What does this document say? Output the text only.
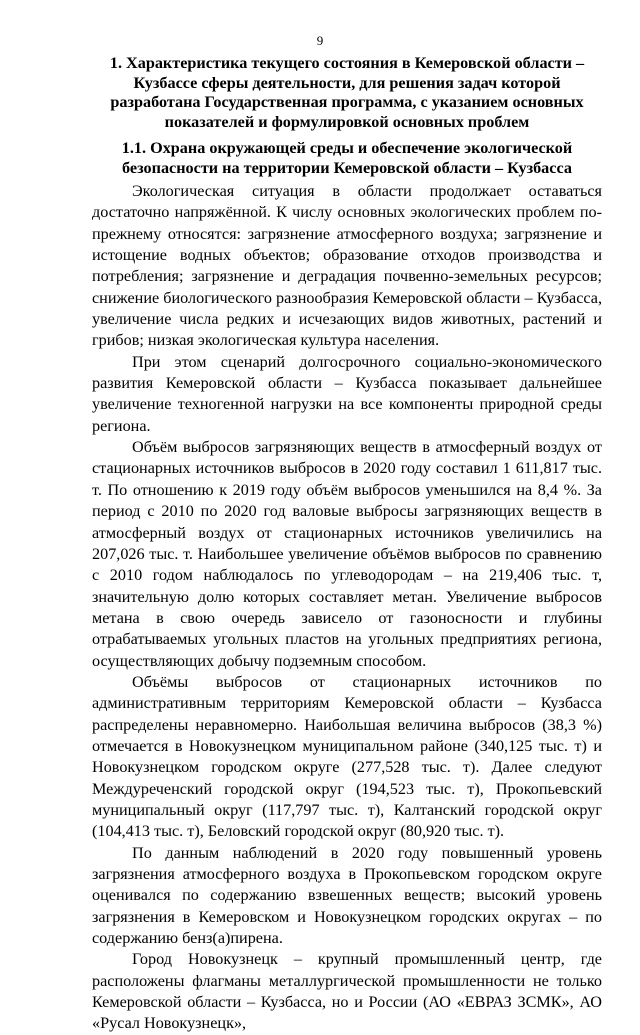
9
1. Характеристика текущего состояния в Кемеровской области – Кузбассе сферы деятельности, для решения задач которой разработана Государственная программа, с указанием основных показателей и формулировкой основных проблем
1.1. Охрана окружающей среды и обеспечение экологической безопасности на территории Кемеровской области – Кузбасса

Экологическая ситуация в области продолжает оставаться достаточно напряжённой. К числу основных экологических проблем по-прежнему относятся: загрязнение атмосферного воздуха; загрязнение и истощение водных объектов; образование отходов производства и потребления; загрязнение и деградация почвенно-земельных ресурсов; снижение биологического разнообразия Кемеровской области – Кузбасса, увеличение числа редких и исчезающих видов животных, растений и грибов; низкая экологическая культура населения.

При этом сценарий долгосрочного социально-экономического развития Кемеровской области – Кузбасса показывает дальнейшее увеличение техногенной нагрузки на все компоненты природной среды региона.

Объём выбросов загрязняющих веществ в атмосферный воздух от стационарных источников выбросов в 2020 году составил 1 611,817 тыс. т. По отношению к 2019 году объём выбросов уменьшился на 8,4 %. За период с 2010 по 2020 год валовые выбросы загрязняющих веществ в атмосферный воздух от стационарных источников увеличились на 207,026 тыс. т. Наибольшее увеличение объёмов выбросов по сравнению с 2010 годом наблюдалось по углеводородам – на 219,406 тыс. т, значительную долю которых составляет метан. Увеличение выбросов метана в свою очередь зависело от газоносности и глубины отрабатываемых угольных пластов на угольных предприятиях региона, осуществляющих добычу подземным способом.

Объёмы выбросов от стационарных источников по административным территориям Кемеровской области – Кузбасса распределены неравномерно. Наибольшая величина выбросов (38,3 %) отмечается в Новокузнецком муниципальном районе (340,125 тыс. т) и Новокузнецком городском округе (277,528 тыс. т). Далее следуют Междуреченский городской округ (194,523 тыс. т), Прокопьевский муниципальный округ (117,797 тыс. т), Калтанский городской округ (104,413 тыс. т), Беловский городской округ (80,920 тыс. т).

По данным наблюдений в 2020 году повышенный уровень загрязнения атмосферного воздуха в Прокопьевском городском округе оценивался по содержанию взвешенных веществ; высокий уровень загрязнения в Кемеровском и Новокузнецком городских округах – по содержанию бенз(а)пирена.

Город Новокузнецк – крупный промышленный центр, где расположены флагманы металлургической промышленности не только Кемеровской области – Кузбасса, но и России (АО «ЕВРАЗ ЗСМК», АО «Русал Новокузнецк»,
